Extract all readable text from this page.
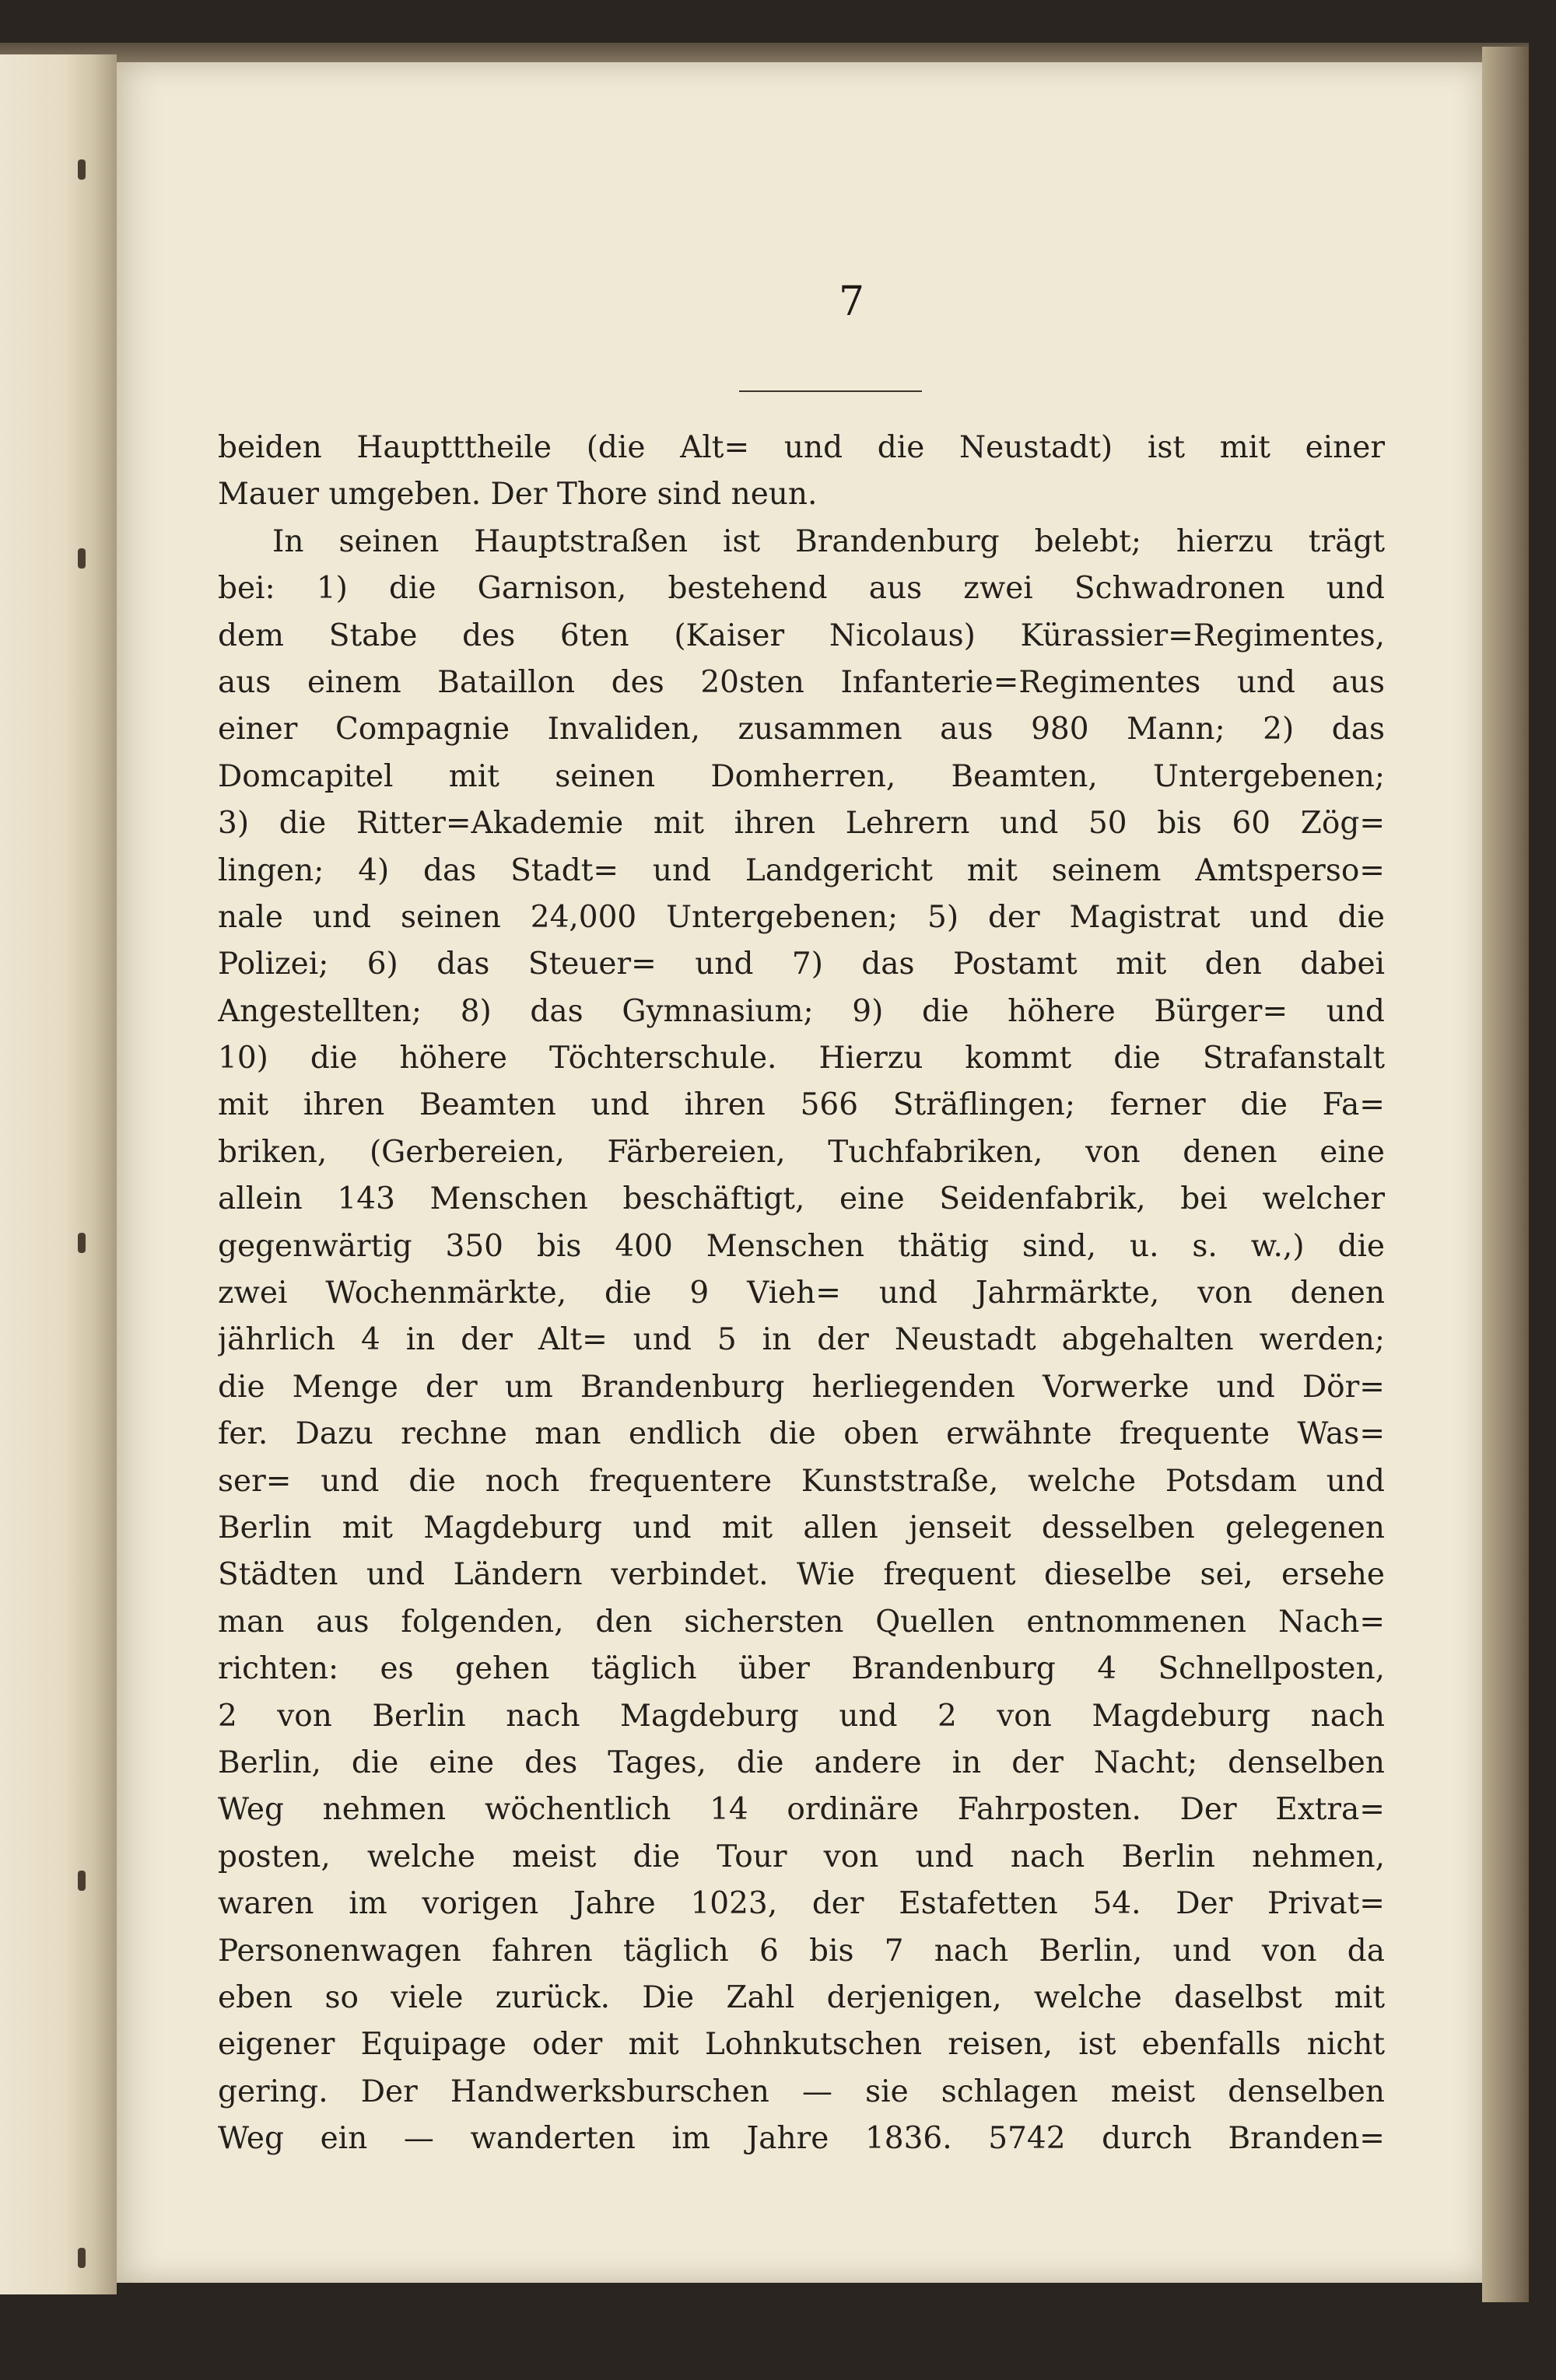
7
beiden Hauptttheile (die Alt= und die Neustadt) ist mit einer
Mauer umgeben. Der Thore sind neun.
In seinen Hauptstraßen ist Brandenburg belebt; hierzu trägt
bei: 1) die Garnison, bestehend aus zwei Schwadronen und
dem Stabe des 6ten (Kaiser Nicolaus) Kürassier=Regimentes,
aus einem Bataillon des 20sten Infanterie=Regimentes und aus
einer Compagnie Invaliden, zusammen aus 980 Mann; 2) das
Domcapitel mit seinen Domherren, Beamten, Untergebenen;
3) die Ritter=Akademie mit ihren Lehrern und 50 bis 60 Zög=
lingen; 4) das Stadt= und Landgericht mit seinem Amtsperso=
nale und seinen 24,000 Untergebenen; 5) der Magistrat und die
Polizei; 6) das Steuer= und 7) das Postamt mit den dabei
Angestellten; 8) das Gymnasium; 9) die höhere Bürger= und
10) die höhere Töchterschule. Hierzu kommt die Strafanstalt
mit ihren Beamten und ihren 566 Sträflingen; ferner die Fa=
briken, (Gerbereien, Färbereien, Tuchfabriken, von denen eine
allein 143 Menschen beschäftigt, eine Seidenfabrik, bei welcher
gegenwärtig 350 bis 400 Menschen thätig sind, u. s. w.,) die
zwei Wochenmärkte, die 9 Vieh= und Jahrmärkte, von denen
jährlich 4 in der Alt= und 5 in der Neustadt abgehalten werden;
die Menge der um Brandenburg herliegenden Vorwerke und Dör=
fer. Dazu rechne man endlich die oben erwähnte frequente Was=
ser= und die noch frequentere Kunststraße, welche Potsdam und
Berlin mit Magdeburg und mit allen jenseit desselben gelegenen
Städten und Ländern verbindet. Wie frequent dieselbe sei, ersehe
man aus folgenden, den sichersten Quellen entnommenen Nach=
richten: es gehen täglich über Brandenburg 4 Schnellposten,
2 von Berlin nach Magdeburg und 2 von Magdeburg nach
Berlin, die eine des Tages, die andere in der Nacht; denselben
Weg nehmen wöchentlich 14 ordinäre Fahrposten. Der Extra=
posten, welche meist die Tour von und nach Berlin nehmen,
waren im vorigen Jahre 1023, der Estafetten 54. Der Privat=
Personenwagen fahren täglich 6 bis 7 nach Berlin, und von da
eben so viele zurück. Die Zahl derjenigen, welche daselbst mit
eigener Equipage oder mit Lohnkutschen reisen, ist ebenfalls nicht
gering. Der Handwerksburschen — sie schlagen meist denselben
Weg ein — wanderten im Jahre 1836. 5742 durch Branden=
